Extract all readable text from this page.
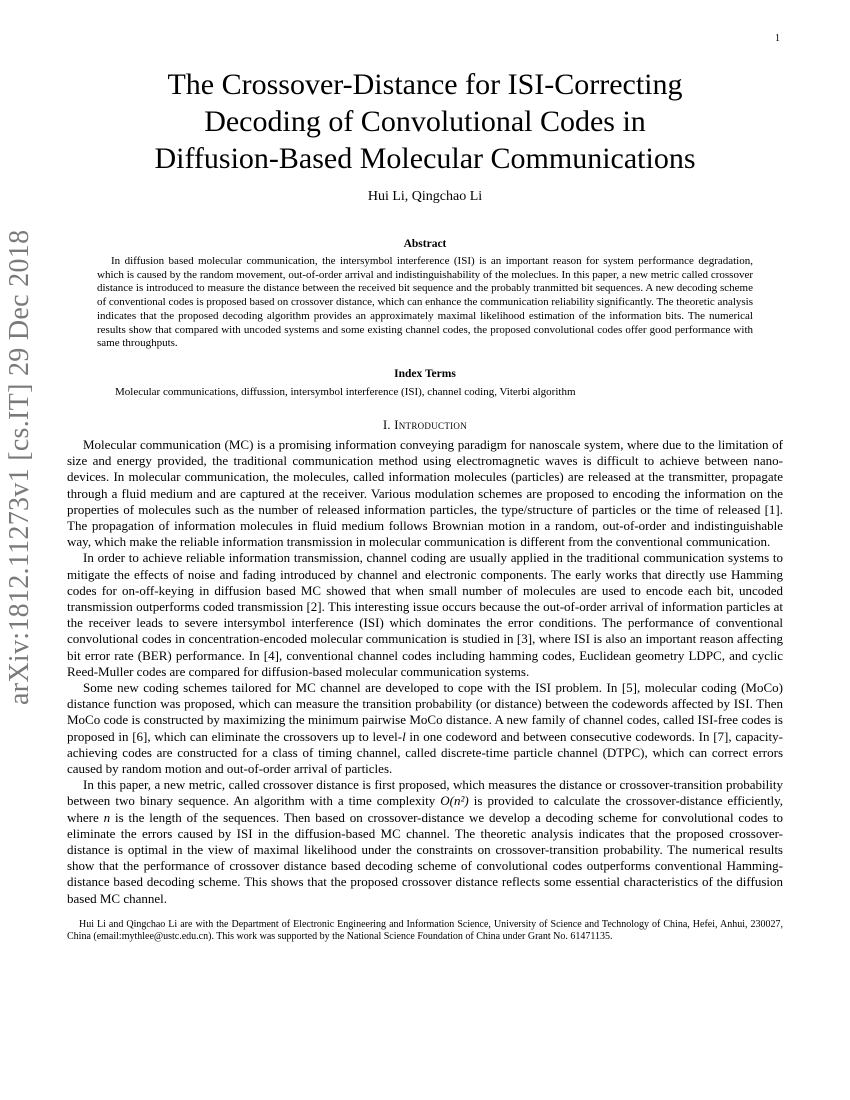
1
arXiv:1812.11273v1 [cs.IT] 29 Dec 2018
The Crossover-Distance for ISI-Correcting
Decoding of Convolutional Codes in
Diffusion-Based Molecular Communications
Hui Li, Qingchao Li
Abstract

In diffusion based molecular communication, the intersymbol interference (ISI) is an important reason for system performance degradation, which is caused by the random movement, out-of-order arrival and indistinguishability of the moleclues. In this paper, a new metric called crossover distance is introduced to measure the distance between the received bit sequence and the probably tranmitted bit sequences. A new decoding scheme of conventional codes is proposed based on crossover distance, which can enhance the communication reliability significantly. The theoretic analysis indicates that the proposed decoding algorithm provides an approximately maximal likelihood estimation of the information bits. The numerical results show that compared with uncoded systems and some existing channel codes, the proposed convolutional codes offer good performance with same throughputs.

Index Terms
Molecular communications, diffussion, intersymbol interference (ISI), channel coding, Viterbi algorithm
I. Introduction

Molecular communication (MC) is a promising information conveying paradigm for nanoscale system, where due to the limitation of size and energy provided, the traditional communication method using electromagnetic waves is difficult to achieve between nano-devices. In molecular communication, the molecules, called information molecules (particles) are released at the transmitter, propagate through a fluid medium and are captured at the receiver. Various modulation schemes are proposed to encoding the information on the properties of molecules such as the number of released information particles, the type/structure of particles or the time of released [1]. The propagation of information molecules in fluid medium follows Brownian motion in a random, out-of-order and indistinguishable way, which make the reliable information transmission in molecular communication is different from the conventional communication.

In order to achieve reliable information transmission, channel coding are usually applied in the traditional communication systems to mitigate the effects of noise and fading introduced by channel and electronic components. The early works that directly use Hamming codes for on-off-keying in diffusion based MC showed that when small number of molecules are used to encode each bit, uncoded transmission outperforms coded transmission [2]. This interesting issue occurs because the out-of-order arrival of information particles at the receiver leads to severe intersymbol interference (ISI) which dominates the error conditions. The performance of conventional convolutional codes in concentration-encoded molecular communication is studied in [3], where ISI is also an important reason affecting bit error rate (BER) performance. In [4], conventional channel codes including hamming codes, Euclidean geometry LDPC, and cyclic Reed-Muller codes are compared for diffusion-based molecular communication systems.

Some new coding schemes tailored for MC channel are developed to cope with the ISI problem. In [5], molecular coding (MoCo) distance function was proposed, which can measure the transition probability (or distance) between the codewords affected by ISI. Then MoCo code is constructed by maximizing the minimum pairwise MoCo distance. A new family of channel codes, called ISI-free codes is proposed in [6], which can eliminate the crossovers up to level-l in one codeword and between consecutive codewords. In [7], capacity-achieving codes are constructed for a class of timing channel, called discrete-time particle channel (DTPC), which can correct errors caused by random motion and out-of-order arrival of particles.

In this paper, a new metric, called crossover distance is first proposed, which measures the distance or crossover-transition probability between two binary sequence. An algorithm with a time complexity O(n²) is provided to calculate the crossover-distance efficiently, where n is the length of the sequences. Then based on crossover-distance we develop a decoding scheme for convolutional codes to eliminate the errors caused by ISI in the diffusion-based MC channel. The theoretic analysis indicates that the proposed crossover-distance is optimal in the view of maximal likelihood under the constraints on crossover-transition probability. The numerical results show that the performance of crossover distance based decoding scheme of convolutional codes outperforms conventional Hamming-distance based decoding scheme. This shows that the proposed crossover distance reflects some essential characteristics of the diffusion based MC channel.

Hui Li and Qingchao Li are with the Department of Electronic Engineering and Information Science, University of Science and Technology of China, Hefei, Anhui, 230027, China (email:mythlee@ustc.edu.cn). This work was supported by the National Science Foundation of China under Grant No. 61471135.
